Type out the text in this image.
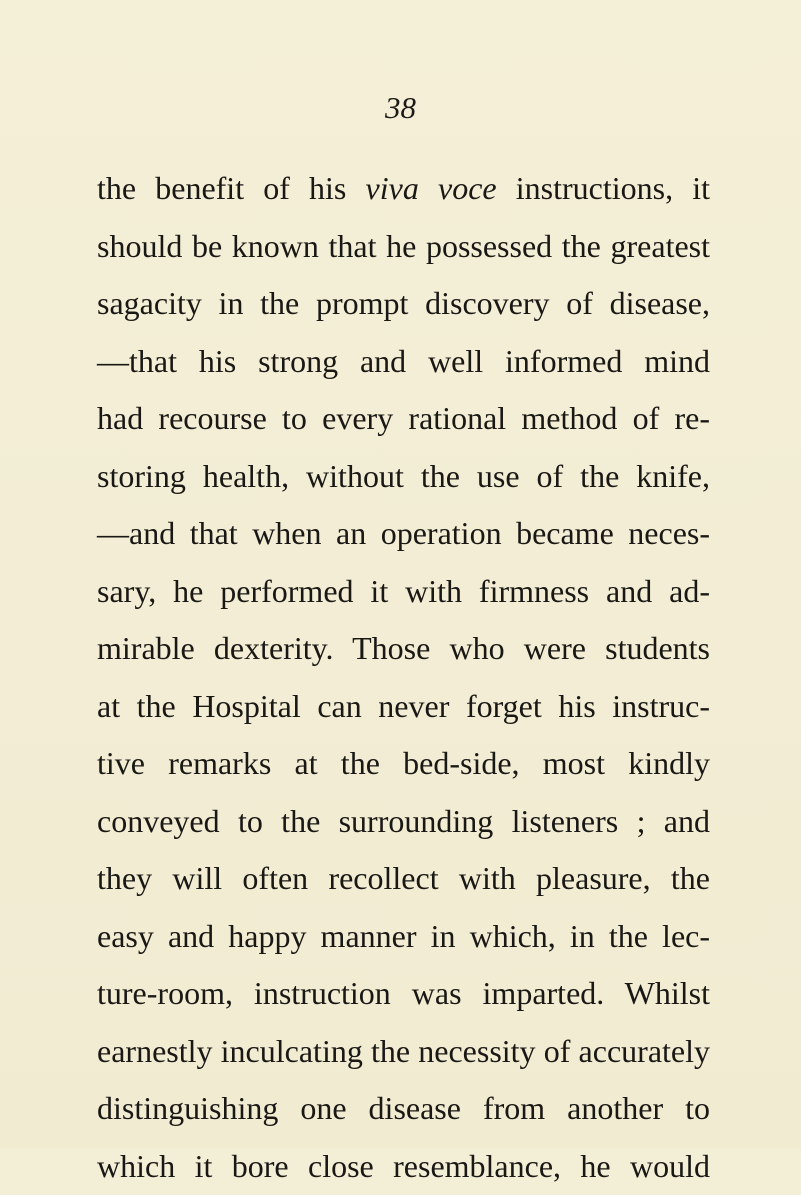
38

the benefit of his viva voce instructions, it
should be known that he possessed the greatest
sagacity in the prompt discovery of disease,
—that his strong and well informed mind
had recourse to every rational method of re-
storing health, without the use of the knife,
—and that when an operation became neces-
sary, he performed it with firmness and ad-
mirable dexterity. Those who were students
at the Hospital can never forget his instruc-
tive remarks at the bed-side, most kindly
conveyed to the surrounding listeners ; and
they will often recollect with pleasure, the
easy and happy manner in which, in the lec-
ture-room, instruction was imparted. Whilst
earnestly inculcating the necessity of accurately
distinguishing one disease from another to
which it bore close resemblance, he would
